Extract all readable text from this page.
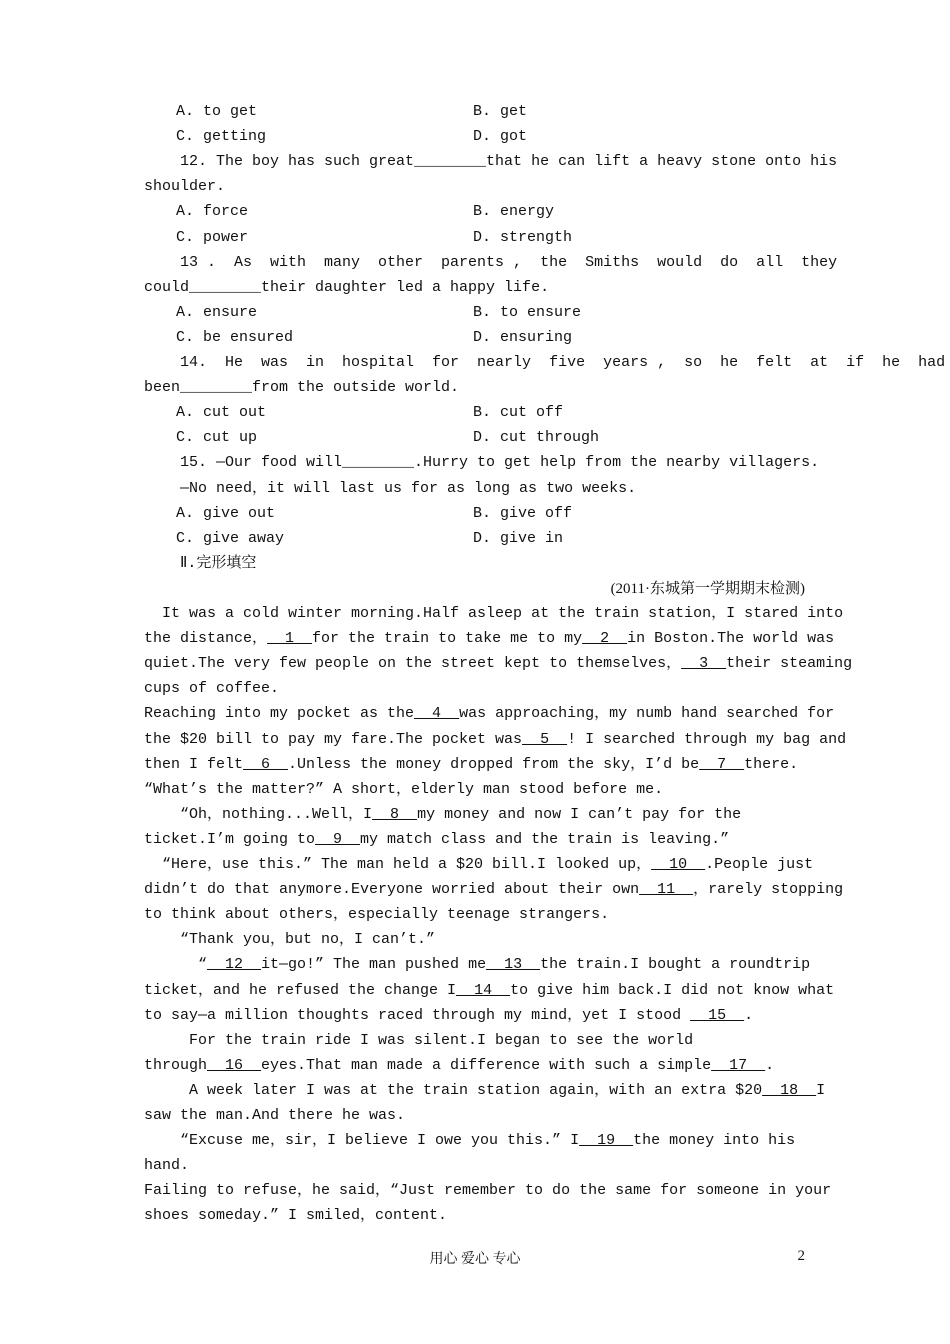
A. to get	B. get
C. getting	D. got
12. The boy has such great________that he can lift a heavy stone onto his
shoulder.
A. force	B. energy
C. power	D. strength
13 .  As  with  many  other  parents ,  the  Smiths  would  do  all  they
could________their daughter led a happy life.
A. ensure	B. to ensure
C. be ensured	D. ensuring
14.  He  was  in  hospital  for  nearly  five  years ,  so  he  felt  at  if  he  had
been________from the outside world.
A. cut out	B. cut off
C. cut up	D. cut through
15. —Our food will________.Hurry to get help from the nearby villagers.
—No need，it will last us for as long as two weeks.
A. give out	B. give off
C. give away	D. give in
Ⅱ.完形填空
It was a cold winter morning.Half asleep at the train station，I stared into
the distance，  1  for the train to take me to my  2  in Boston.The world was
quiet.The very few people on the street kept to themselves，  3  their steaming
cups of coffee.
Reaching into my pocket as the  4  was approaching，my numb hand searched for
the $20 bill to pay my fare.The pocket was  5  ! I searched through my bag and
then I felt  6  .Unless the money dropped from the sky，I’d be  7  there.
“What’s the matter?” A short，elderly man stood before me.
“Oh，nothing...Well，I  8  my money and now I can’t pay for the
ticket.I’m going to  9  my match class and the train is leaving.”
“Here，use this.” The man held a $20 bill.I looked up，  10  .People just
didn’t do that anymore.Everyone worried about their own  11  ，rarely stopping
to think about others，especially teenage strangers.
“Thank you，but no，I can’t.”
“  12  it—go!” The man pushed me  13  the train.I bought a roundtrip
ticket，and he refused the change I  14  to give him back.I did not know what
to say—a million thoughts raced through my mind，yet I stood   15  .
For the train ride I was silent.I began to see the world
through  16  eyes.That man made a difference with such a simple  17  .
A week later I was at the train station again，with an extra $20  18  I
saw the man.And there he was.
“Excuse me，sir，I believe I owe you this.” I  19  the money into his
hand.
Failing to refuse，he said，“Just remember to do the same for someone in your
shoes someday.” I smiled，content.
(2011·东城第一学期期末检测)
用心 爱心 专心	2
